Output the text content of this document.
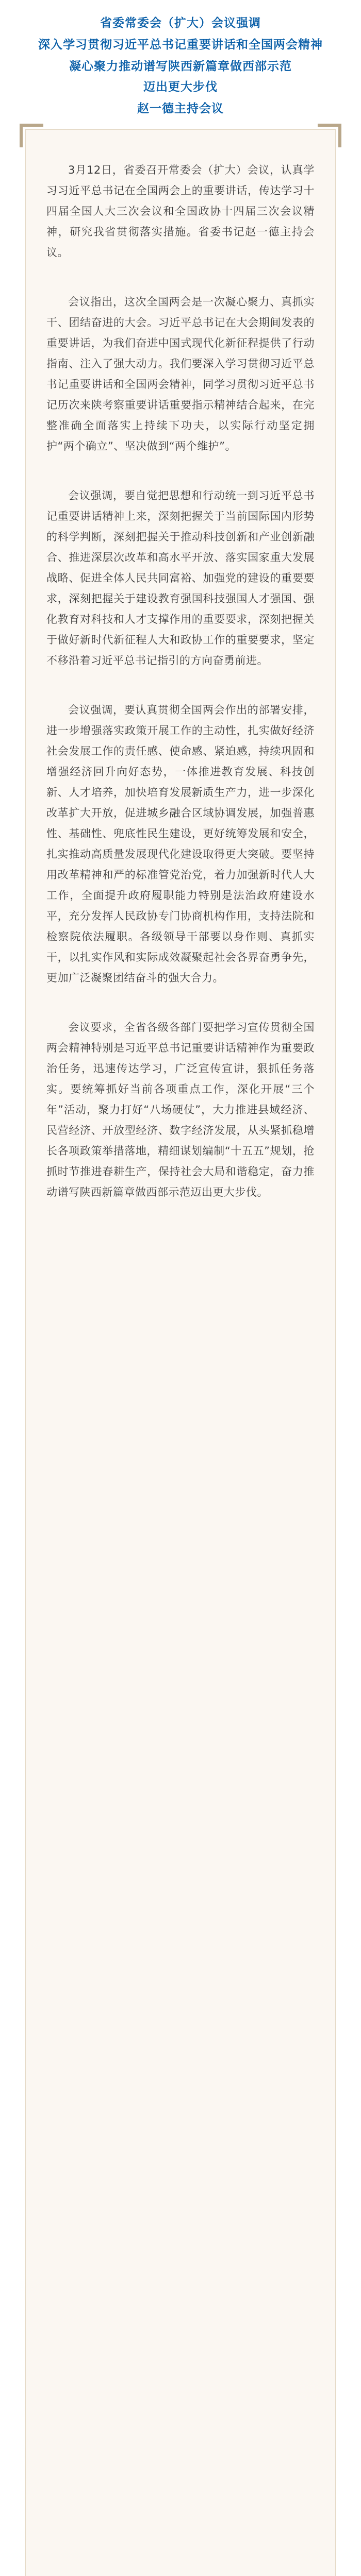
省委常委会（扩大）会议强调
深入学习贯彻习近平总书记重要讲话和全国两会精神
凝心聚力推动谱写陕西新篇章做西部示范
迈出更大步伐
赵一德主持会议

3月12日，省委召开常委会（扩大）会议，认真学习习近平总书记在全国两会上的重要讲话，传达学习十四届全国人大三次会议和全国政协十四届三次会议精神，研究我省贯彻落实措施。省委书记赵一德主持会议。

会议指出，这次全国两会是一次凝心聚力、真抓实干、团结奋进的大会。习近平总书记在大会期间发表的重要讲话，为我们奋进中国式现代化新征程提供了行动指南、注入了强大动力。我们要深入学习贯彻习近平总书记重要讲话和全国两会精神，同学习贯彻习近平总书记历次来陕考察重要讲话重要指示精神结合起来，在完整准确全面落实上持续下功夫，以实际行动坚定拥护“两个确立”、坚决做到“两个维护”。

会议强调，要自觉把思想和行动统一到习近平总书记重要讲话精神上来，深刻把握关于当前国际国内形势的科学判断，深刻把握关于推动科技创新和产业创新融合、推进深层次改革和高水平开放、落实国家重大发展战略、促进全体人民共同富裕、加强党的建设的重要要求，深刻把握关于建设教育强国科技强国人才强国、强化教育对科技和人才支撑作用的重要要求，深刻把握关于做好新时代新征程人大和政协工作的重要要求，坚定不移沿着习近平总书记指引的方向奋勇前进。

会议强调，要认真贯彻全国两会作出的部署安排，进一步增强落实政策开展工作的主动性，扎实做好经济社会发展工作的责任感、使命感、紧迫感，持续巩固和增强经济回升向好态势，一体推进教育发展、科技创新、人才培养，加快培育发展新质生产力，进一步深化改革扩大开放，促进城乡融合区域协调发展，加强普惠性、基础性、兜底性民生建设，更好统筹发展和安全，扎实推动高质量发展现代化建设取得更大突破。要坚持用改革精神和严的标准管党治党，着力加强新时代人大工作，全面提升政府履职能力特别是法治政府建设水平，充分发挥人民政协专门协商机构作用，支持法院和检察院依法履职。各级领导干部要以身作则、真抓实干，以扎实作风和实际成效凝聚起社会各界奋勇争先，更加广泛凝聚团结奋斗的强大合力。

会议要求，全省各级各部门要把学习宣传贯彻全国两会精神特别是习近平总书记重要讲话精神作为重要政治任务，迅速传达学习，广泛宣传宣讲，狠抓任务落实。要统筹抓好当前各项重点工作，深化开展“三个年”活动，聚力打好“八场硬仗”，大力推进县域经济、民营经济、开放型经济、数字经济发展，从头紧抓稳增长各项政策举措落地，精细谋划编制“十五五”规划，抢抓时节推进春耕生产，保持社会大局和谐稳定，奋力推动谱写陕西新篇章做西部示范迈出更大步伐。
